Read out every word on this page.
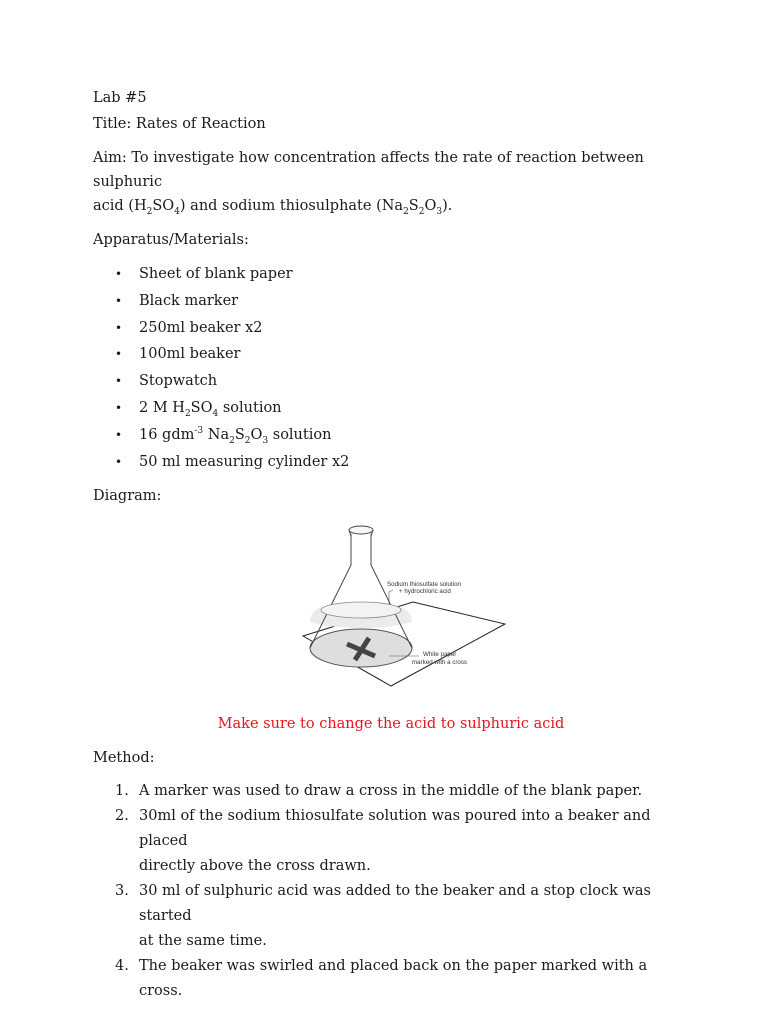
Lab #5

Title: Rates of Reaction

Aim: To investigate how concentration affects the rate of reaction between sulphuric

acid $(H_2SO_4)$ and sodium thiosulphate $(Na_2S_2O_3)$.

Apparatus/Materials:

• Sheet of blank paper
• Black marker
• 250ml beaker x2
• 100ml beaker
• Stopwatch
• 2 M $H_2SO_4$ solution
• 16 gdm$^{-3}$ $Na_2S_2O_3$ solution
• 50 ml measuring cylinder x2

Diagram:

Sodium thiosulfate solution
+ hydrochloric acid
White paper
marked with a cross

Make sure to change the acid to sulphuric acid

Method:

1. A marker was used to draw a cross in the middle of the blank paper.
2. 30ml of the sodium thiosulfate solution was poured into a beaker and placed
directly above the cross drawn.
3. 30 ml of sulphuric acid was added to the beaker and a stop clock was started
at the same time.
4. The beaker was swirled and placed back on the paper marked with a cross.
